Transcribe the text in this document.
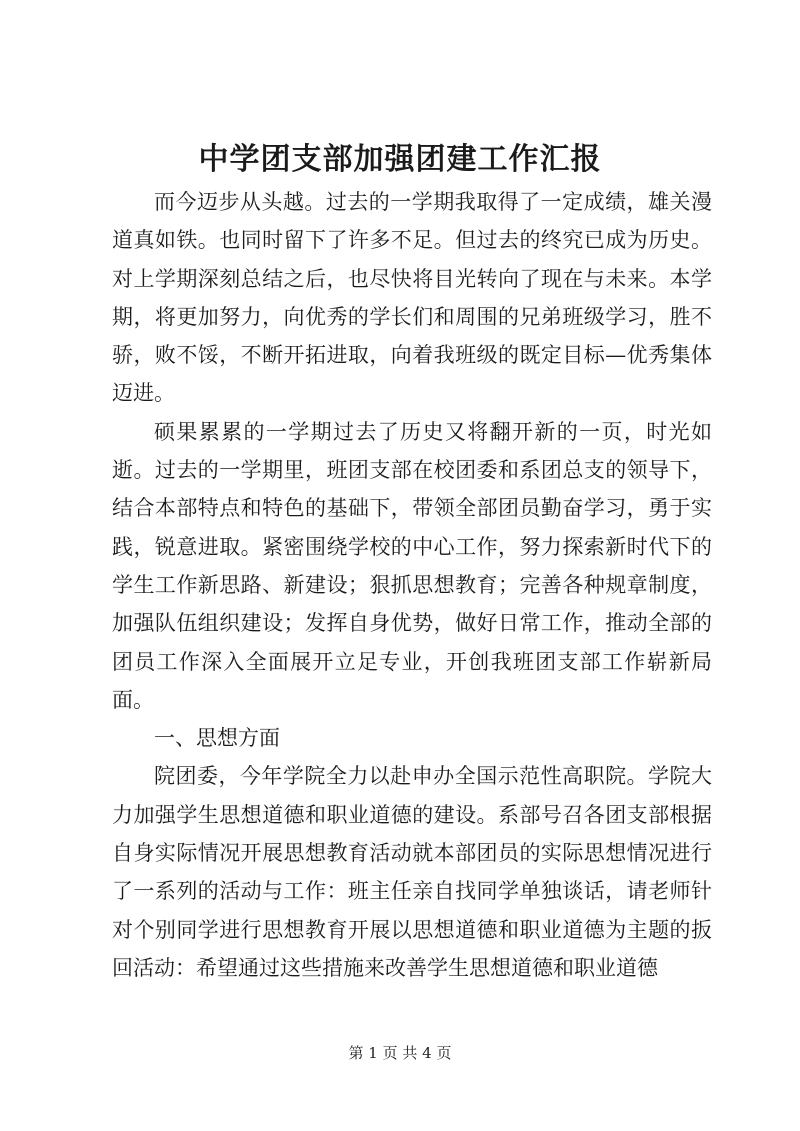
中学团支部加强团建工作汇报

而今迈步从头越。过去的一学期我取得了一定成绩，雄关漫道真如铁。也同时留下了许多不足。但过去的终究已成为历史。对上学期深刻总结之后，也尽快将目光转向了现在与未来。本学期，将更加努力，向优秀的学长们和周围的兄弟班级学习，胜不骄，败不馁，不断开拓进取，向着我班级的既定目标—优秀集体迈进。

硕果累累的一学期过去了历史又将翻开新的一页，时光如逝。过去的一学期里，班团支部在校团委和系团总支的领导下，结合本部特点和特色的基础下，带领全部团员勤奋学习，勇于实践，锐意进取。紧密围绕学校的中心工作，努力探索新时代下的学生工作新思路、新建设；狠抓思想教育；完善各种规章制度，加强队伍组织建设；发挥自身优势，做好日常工作，推动全部的团员工作深入全面展开立足专业，开创我班团支部工作崭新局面。

一、思想方面

院团委，今年学院全力以赴申办全国示范性高职院。学院大力加强学生思想道德和职业道德的建设。系部号召各团支部根据自身实际情况开展思想教育活动就本部团员的实际思想情况进行了一系列的活动与工作：班主任亲自找同学单独谈话，请老师针对个别同学进行思想教育开展以思想道德和职业道德为主题的扳回活动：希望通过这些措施来改善学生思想道德和职业道德

第 1 页 共 4 页
